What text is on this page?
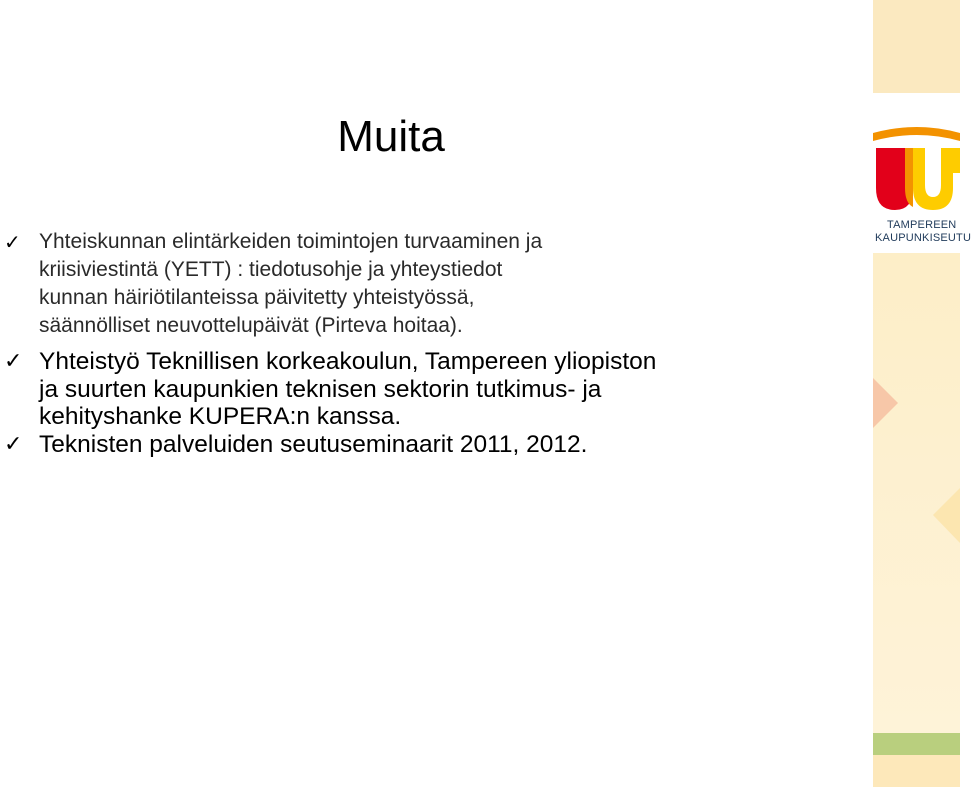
Muita
✓ Yhteiskunnan elintärkeiden toimintojen turvaaminen ja
kriisiviestintä (YETT) : tiedotusohje ja yhteystiedot
kunnan häiriötilanteissa päivitetty yhteistyössä,
säännölliset neuvottelupäivät (Pirteva hoitaa).
✓ Yhteistyö Teknillisen korkeakoulun, Tampereen yliopiston
ja suurten kaupunkien teknisen sektorin tutkimus- ja
kehityshanke KUPERA:n kanssa.
✓ Teknisten palveluiden seutuseminaarit 2011, 2012.
TAMPEREEN
KAUPUNKISEUTU
